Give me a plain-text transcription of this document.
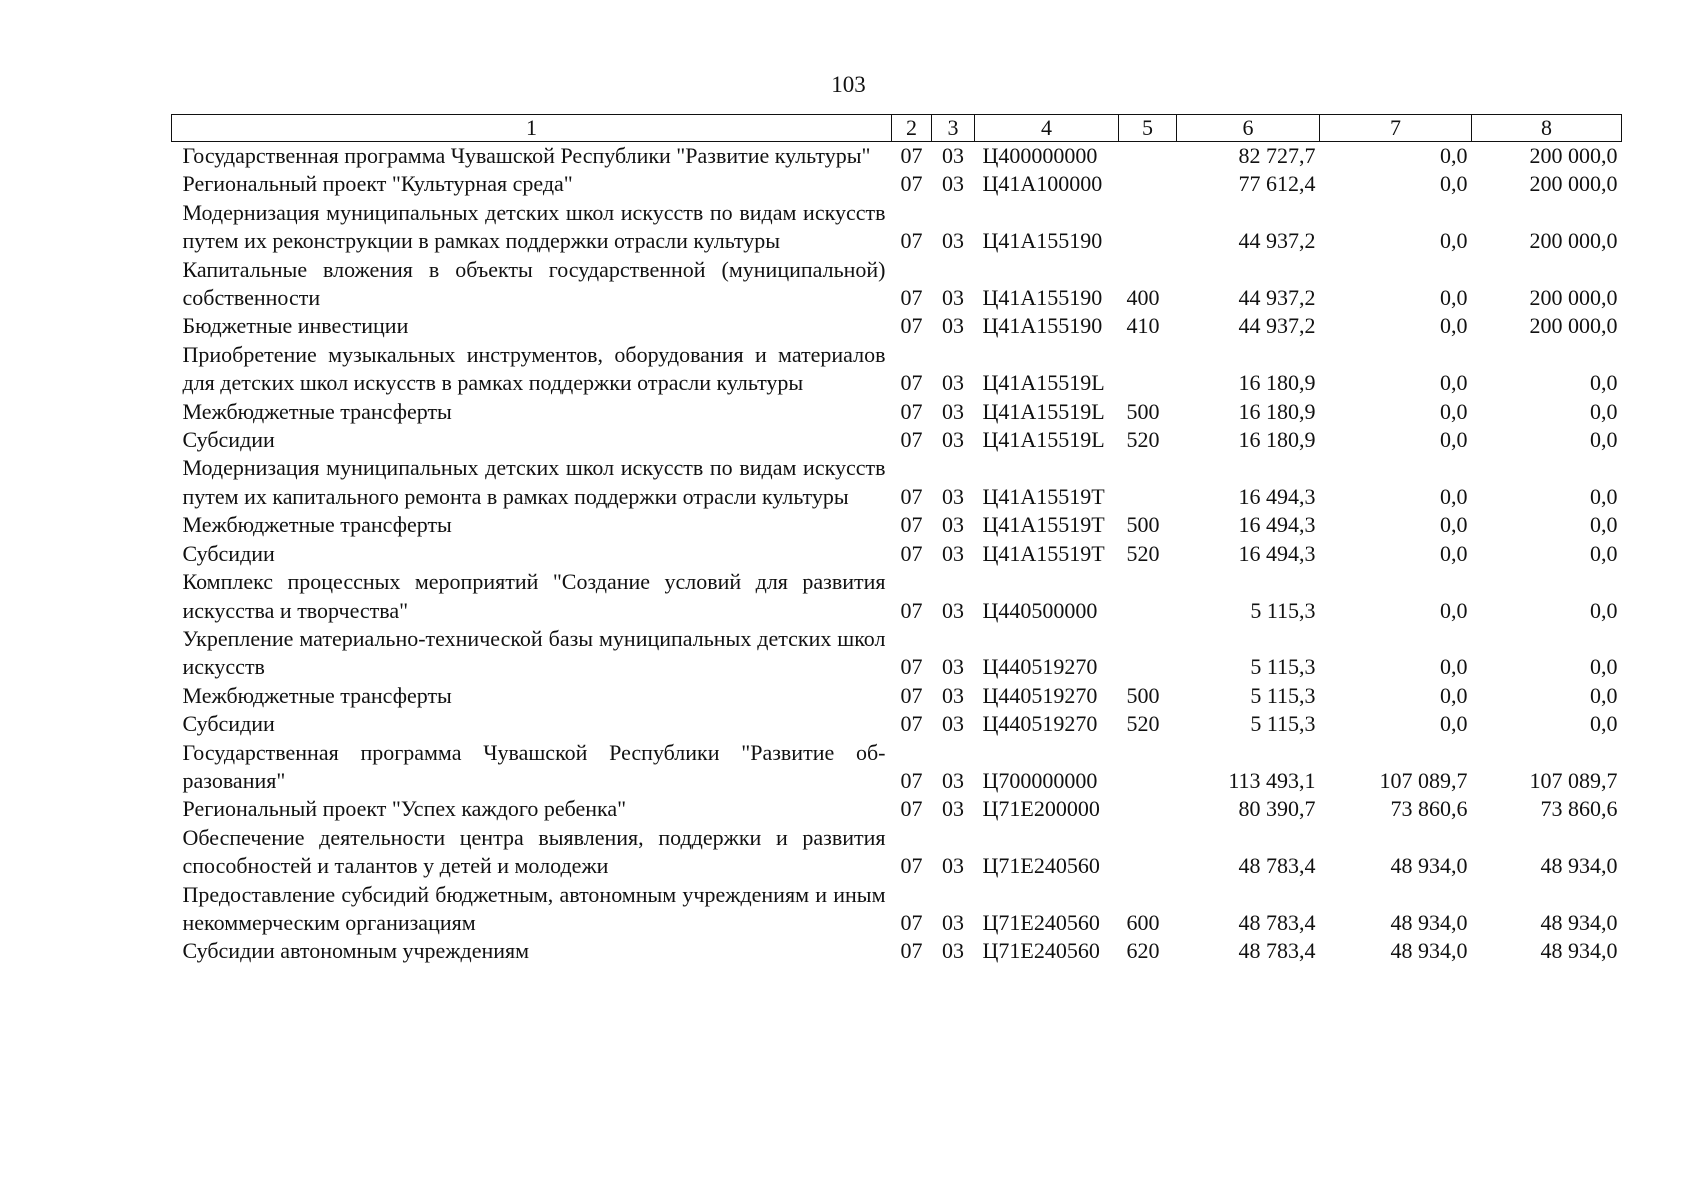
103
1	2	3	4	5	6	7	8
Государственная программа Чувашской Республики "Развитие культуры"	07	03	Ц400000000		82 727,7	0,0	200 000,0
Региональный проект "Культурная среда"	07	03	Ц41А100000		77 612,4	0,0	200 000,0
Модернизация муниципальных детских школ искусств по видам искусств путем их реконструкции в рамках поддержки отрасли культуры	07	03	Ц41А155190		44 937,2	0,0	200 000,0
Капитальные вложения в объекты государственной (муниципальной) собственности	07	03	Ц41А155190	400	44 937,2	0,0	200 000,0
Бюджетные инвестиции	07	03	Ц41А155190	410	44 937,2	0,0	200 000,0
Приобретение музыкальных инструментов, оборудования и материалов для детских школ искусств в рамках поддержки отрасли культуры	07	03	Ц41А15519L		16 180,9	0,0	0,0
Межбюджетные трансферты	07	03	Ц41А15519L	500	16 180,9	0,0	0,0
Субсидии	07	03	Ц41А15519L	520	16 180,9	0,0	0,0
Модернизация муниципальных детских школ искусств по видам искусств путем их капитального ремонта в рамках поддержки отрасли культуры	07	03	Ц41А15519Т		16 494,3	0,0	0,0
Межбюджетные трансферты	07	03	Ц41А15519Т	500	16 494,3	0,0	0,0
Субсидии	07	03	Ц41А15519Т	520	16 494,3	0,0	0,0
Комплекс процессных мероприятий "Создание условий для развития искусства и творчества"	07	03	Ц440500000		5 115,3	0,0	0,0
Укрепление материально-технической базы муниципальных детских школ искусств	07	03	Ц440519270		5 115,3	0,0	0,0
Межбюджетные трансферты	07	03	Ц440519270	500	5 115,3	0,0	0,0
Субсидии	07	03	Ц440519270	520	5 115,3	0,0	0,0
Государственная программа Чувашской Республики "Развитие образования"	07	03	Ц700000000		113 493,1	107 089,7	107 089,7
Региональный проект "Успех каждого ребенка"	07	03	Ц71Е200000		80 390,7	73 860,6	73 860,6
Обеспечение деятельности центра выявления, поддержки и развития способностей и талантов у детей и молодежи	07	03	Ц71Е240560		48 783,4	48 934,0	48 934,0
Предоставление субсидий бюджетным, автономным учреждениям и иным некоммерческим организациям	07	03	Ц71Е240560	600	48 783,4	48 934,0	48 934,0
Субсидии автономным учреждениям	07	03	Ц71Е240560	620	48 783,4	48 934,0	48 934,0
